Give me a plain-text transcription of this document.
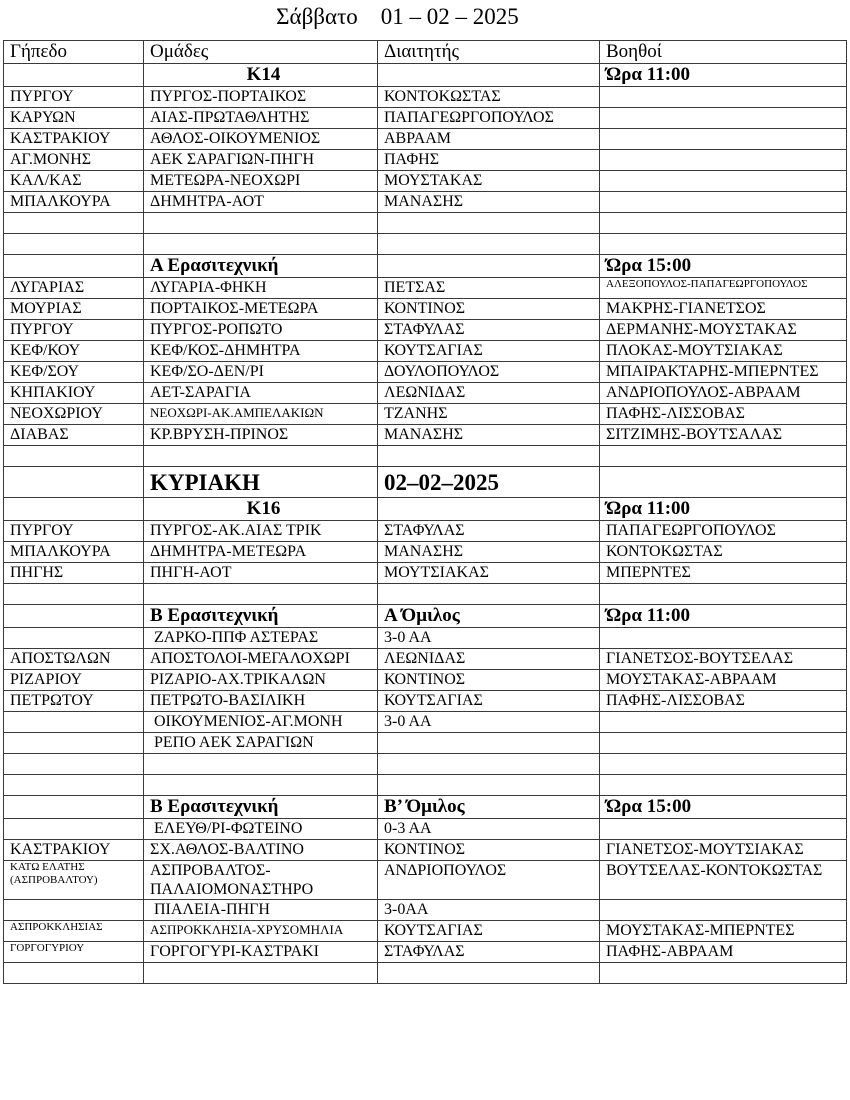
Σάββατο    01 – 02 – 2025
Γήπεδο	Ομάδες	Διαιτητής	Βοηθοί
	Κ14		Ώρα 11:00
ΠΥΡΓΟΥ	ΠΥΡΓΟΣ-ΠΟΡΤΑΙΚΟΣ	ΚΟΝΤΟΚΩΣΤΑΣ	
ΚΑΡΥΩΝ	ΑΙΑΣ-ΠΡΩΤΑΘΛΗΤΗΣ	ΠΑΠΑΓΕΩΡΓΟΠΟΥΛΟΣ	
ΚΑΣΤΡΑΚΙΟΥ	ΑΘΛΟΣ-ΟΙΚΟΥΜΕΝΙΟΣ	ΑΒΡΑΑΜ	
ΑΓ.ΜΟΝΗΣ	ΑΕΚ ΣΑΡΑΓΙΩΝ-ΠΗΓΗ	ΠΑΦΗΣ	
ΚΑΛ/ΚΑΣ	ΜΕΤΕΩΡΑ-ΝΕΟΧΩΡΙ	ΜΟΥΣΤΑΚΑΣ	
ΜΠΑΛΚΟΥΡΑ	ΔΗΜΗΤΡΑ-ΑΟΤ	ΜΑΝΑΣΗΣ	

	Α Ερασιτεχνική		Ώρα 15:00
ΛΥΓΑΡΙΑΣ	ΛΥΓΑΡΙΑ-ΦΗΚΗ	ΠΕΤΣΑΣ	ΑΛΕΞΟΠΟΥΛΟΣ-ΠΑΠΑΓΕΩΡΓΟΠΟΥΛΟΣ
ΜΟΥΡΙΑΣ	ΠΟΡΤΑΙΚΟΣ-ΜΕΤΕΩΡΑ	ΚΟΝΤΙΝΟΣ	ΜΑΚΡΗΣ-ΓΙΑΝΕΤΣΟΣ
ΠΥΡΓΟΥ	ΠΥΡΓΟΣ-ΡΟΠΩΤΟ	ΣΤΑΦΥΛΑΣ	ΔΕΡΜΑΝΗΣ-ΜΟΥΣΤΑΚΑΣ
ΚΕΦ/ΚΟΥ	ΚΕΦ/ΚΟΣ-ΔΗΜΗΤΡΑ	ΚΟΥΤΣΑΓΙΑΣ	ΠΛΟΚΑΣ-ΜΟΥΤΣΙΑΚΑΣ
ΚΕΦ/ΣΟΥ	ΚΕΦ/ΣΟ-ΔΕΝ/ΡΙ	ΔΟΥΛΟΠΟΥΛΟΣ	ΜΠΑΙΡΑΚΤΑΡΗΣ-ΜΠΕΡΝΤΕΣ
ΚΗΠΑΚΙΟΥ	ΑΕΤ-ΣΑΡΑΓΙΑ	ΛΕΩΝΙΔΑΣ	ΑΝΔΡΙΟΠΟΥΛΟΣ-ΑΒΡΑΑΜ
ΝΕΟΧΩΡΙΟΥ	ΝΕΟΧΩΡΙ-ΑΚ.ΑΜΠΕΛΑΚΙΩΝ	ΤΖΑΝΗΣ	ΠΑΦΗΣ-ΛΙΣΣΟΒΑΣ
ΔΙΑΒΑΣ	ΚΡ.ΒΡΥΣΗ-ΠΡΙΝΟΣ	ΜΑΝΑΣΗΣ	ΣΙΤΖΙΜΗΣ-ΒΟΥΤΣΑΛΑΣ

	ΚΥΡΙΑΚΗ	02–02–2025	
	Κ16		Ώρα 11:00
ΠΥΡΓΟΥ	ΠΥΡΓΟΣ-ΑΚ.ΑΙΑΣ ΤΡΙΚ	ΣΤΑΦΥΛΑΣ	ΠΑΠΑΓΕΩΡΓΟΠΟΥΛΟΣ
ΜΠΑΛΚΟΥΡΑ	ΔΗΜΗΤΡΑ-ΜΕΤΕΩΡΑ	ΜΑΝΑΣΗΣ	ΚΟΝΤΟΚΩΣΤΑΣ
ΠΗΓΗΣ	ΠΗΓΗ-ΑΟΤ	ΜΟΥΤΣΙΑΚΑΣ	ΜΠΕΡΝΤΕΣ

	Β Ερασιτεχνική	Α Όμιλος	Ώρα 11:00
	ΖΑΡΚΟ-ΠΠΦ ΑΣΤΕΡΑΣ	3-0 ΑΑ	
ΑΠΟΣΤΩΛΩΝ	ΑΠΟΣΤΟΛΟΙ-ΜΕΓΑΛΟΧΩΡΙ	ΛΕΩΝΙΔΑΣ	ΓΙΑΝΕΤΣΟΣ-ΒΟΥΤΣΕΛΑΣ
ΡΙΖΑΡΙΟΥ	ΡΙΖΑΡΙΟ-ΑΧ.ΤΡΙΚΑΛΩΝ	ΚΟΝΤΙΝΟΣ	ΜΟΥΣΤΑΚΑΣ-ΑΒΡΑΑΜ
ΠΕΤΡΩΤΟΥ	ΠΕΤΡΩΤΟ-ΒΑΣΙΛΙΚΗ	ΚΟΥΤΣΑΓΙΑΣ	ΠΑΦΗΣ-ΛΙΣΣΟΒΑΣ
	ΟΙΚΟΥΜΕΝΙΟΣ-ΑΓ.ΜΟΝΗ	3-0 ΑΑ	
	ΡΕΠΟ ΑΕΚ ΣΑΡΑΓΙΩΝ		

	Β Ερασιτεχνική	Β’ Όμιλος	Ώρα 15:00
	ΕΛΕΥΘ/ΡΙ-ΦΩΤΕΙΝΟ	0-3 ΑΑ	
ΚΑΣΤΡΑΚΙΟΥ	ΣΧ.ΑΘΛΟΣ-ΒΑΛΤΙΝΟ	ΚΟΝΤΙΝΟΣ	ΓΙΑΝΕΤΣΟΣ-ΜΟΥΤΣΙΑΚΑΣ
ΚΑΤΩ ΕΛΑΤΗΣ (ΑΣΠΡΟΒΑΛΤΟΥ)	ΑΣΠΡΟΒΑΛΤΟΣ-ΠΑΛΑΙΟΜΟΝΑΣΤΗΡΟ	ΑΝΔΡΙΟΠΟΥΛΟΣ	ΒΟΥΤΣΕΛΑΣ-ΚΟΝΤΟΚΩΣΤΑΣ
	ΠΙΑΛΕΙΑ-ΠΗΓΗ	3-0ΑΑ	
ΑΣΠΡΟΚΚΛΗΣΙΑΣ	ΑΣΠΡΟΚΚΛΗΣΙΑ-ΧΡΥΣΟΜΗΛΙΑ	ΚΟΥΤΣΑΓΙΑΣ	ΜΟΥΣΤΑΚΑΣ-ΜΠΕΡΝΤΕΣ
ΓΟΡΓΟΓΥΡΙΟΥ	ΓΟΡΓΟΓΥΡΙ-ΚΑΣΤΡΑΚΙ	ΣΤΑΦΥΛΑΣ	ΠΑΦΗΣ-ΑΒΡΑΑΜ
